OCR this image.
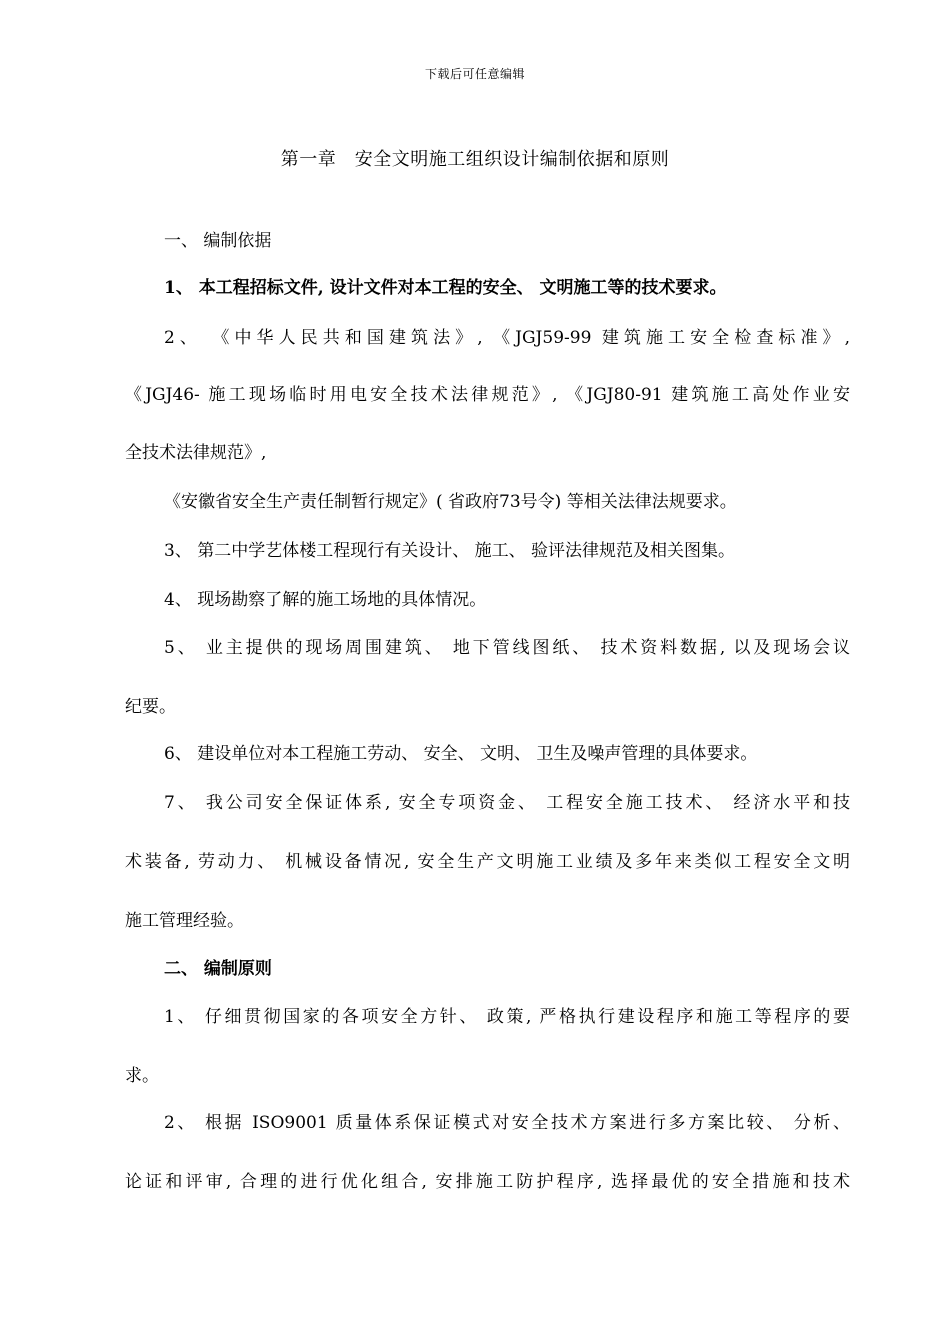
下载后可任意编辑
第一章　安全文明施工组织设计编制依据和原则
一、 编制依据
1、 本工程招标文件, 设计文件对本工程的安全、 文明施工等的技术要求。
2、 《中华人民共和国建筑法》, 《JGJ59-99 建筑施工安全检查标准》,
《JGJ46- 施工现场临时用电安全技术法律规范》, 《JGJ80-91 建筑施工高处作业安
全技术法律规范》,
《安徽省安全生产责任制暂行规定》( 省政府73号令) 等相关法律法规要求。
3、 第二中学艺体楼工程现行有关设计、 施工、 验评法律规范及相关图集。
4、 现场勘察了解的施工场地的具体情况。
5、 业主提供的现场周围建筑、 地下管线图纸、 技术资料数据, 以及现场会议
纪要。
6、 建设单位对本工程施工劳动、 安全、 文明、 卫生及噪声管理的具体要求。
7、 我公司安全保证体系, 安全专项资金、 工程安全施工技术、 经济水平和技
术装备, 劳动力、 机械设备情况, 安全生产文明施工业绩及多年来类似工程安全文明
施工管理经验。
二、 编制原则
1、 仔细贯彻国家的各项安全方针、 政策, 严格执行建设程序和施工等程序的要
求。
2、 根据 ISO9001 质量体系保证模式对安全技术方案进行多方案比较、 分析、
论证和评审, 合理的进行优化组合, 安排施工防护程序, 选择最优的安全措施和技术
